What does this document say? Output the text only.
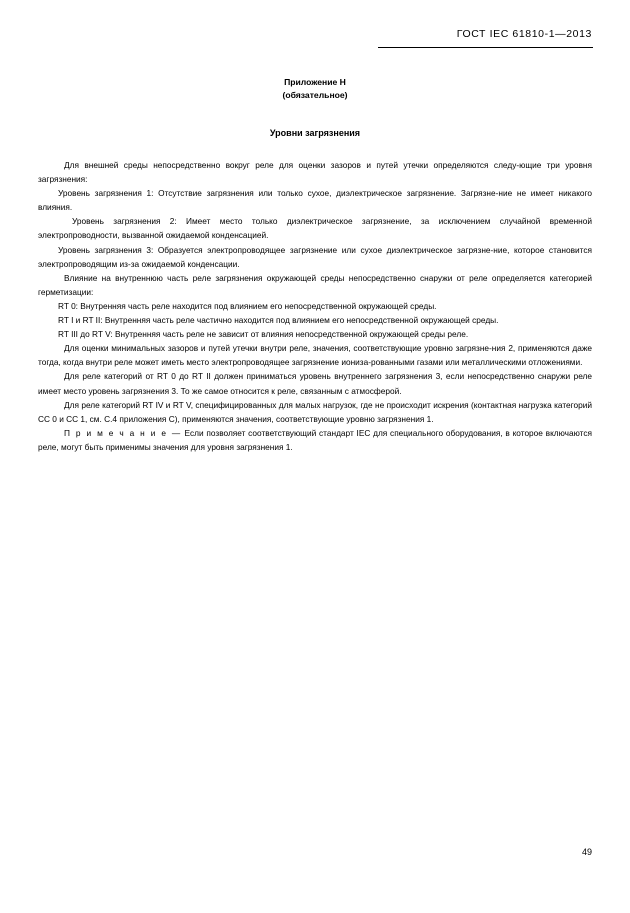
ГОСТ IEC 61810-1—2013
Приложение Н
(обязательное)
Уровни загрязнения

Для внешней среды непосредственно вокруг реле для оценки зазоров и путей утечки определяются следу-ющие три уровня загрязнения:

Уровень загрязнения 1: Отсутствие загрязнения или только сухое, диэлектрическое загрязнение. Загрязне-ние не имеет никакого влияния.

Уровень загрязнения 2: Имеет место только диэлектрическое загрязнение, за исключением случайной временной электропроводности, вызванной ожидаемой конденсацией.

Уровень загрязнения 3: Образуется электропроводящее загрязнение или сухое диэлектрическое загрязне-ние, которое становится электропроводящим из-за ожидаемой конденсации.

Влияние на внутреннюю часть реле загрязнения окружающей среды непосредственно снаружи от реле определяется категорией герметизации:

RT 0: Внутренняя часть реле находится под влиянием его непосредственной окружающей среды.

RT I и RT II: Внутренняя часть реле частично находится под влиянием его непосредственной окружающей среды.

RT III до RT V: Внутренняя часть реле не зависит от влияния непосредственной окружающей среды реле.

Для оценки минимальных зазоров и путей утечки внутри реле, значения, соответствующие уровню загрязне-ния 2, применяются даже тогда, когда внутри реле может иметь место электропроводящее загрязнение иониза-рованными газами или металлическими отложениями.

Для реле категорий от RT 0 до RT II должен приниматься уровень внутреннего загрязнения 3, если непосредственно снаружи реле имеет место уровень загрязнения 3. То же самое относится к реле, связанным с атмосферой.

Для реле категорий RT IV и RT V, специфицированных для малых нагрузок, где не происходит искрения (контактная нагрузка категорий СС 0 и СС 1, см. С.4 приложения С), применяются значения, соответствующие уровню загрязнения 1.

П р и м е ч а н и е — Если позволяет соответствующий стандарт IEC для специального оборудования, в которое включаются реле, могут быть применимы значения для уровня загрязнения 1.

49
